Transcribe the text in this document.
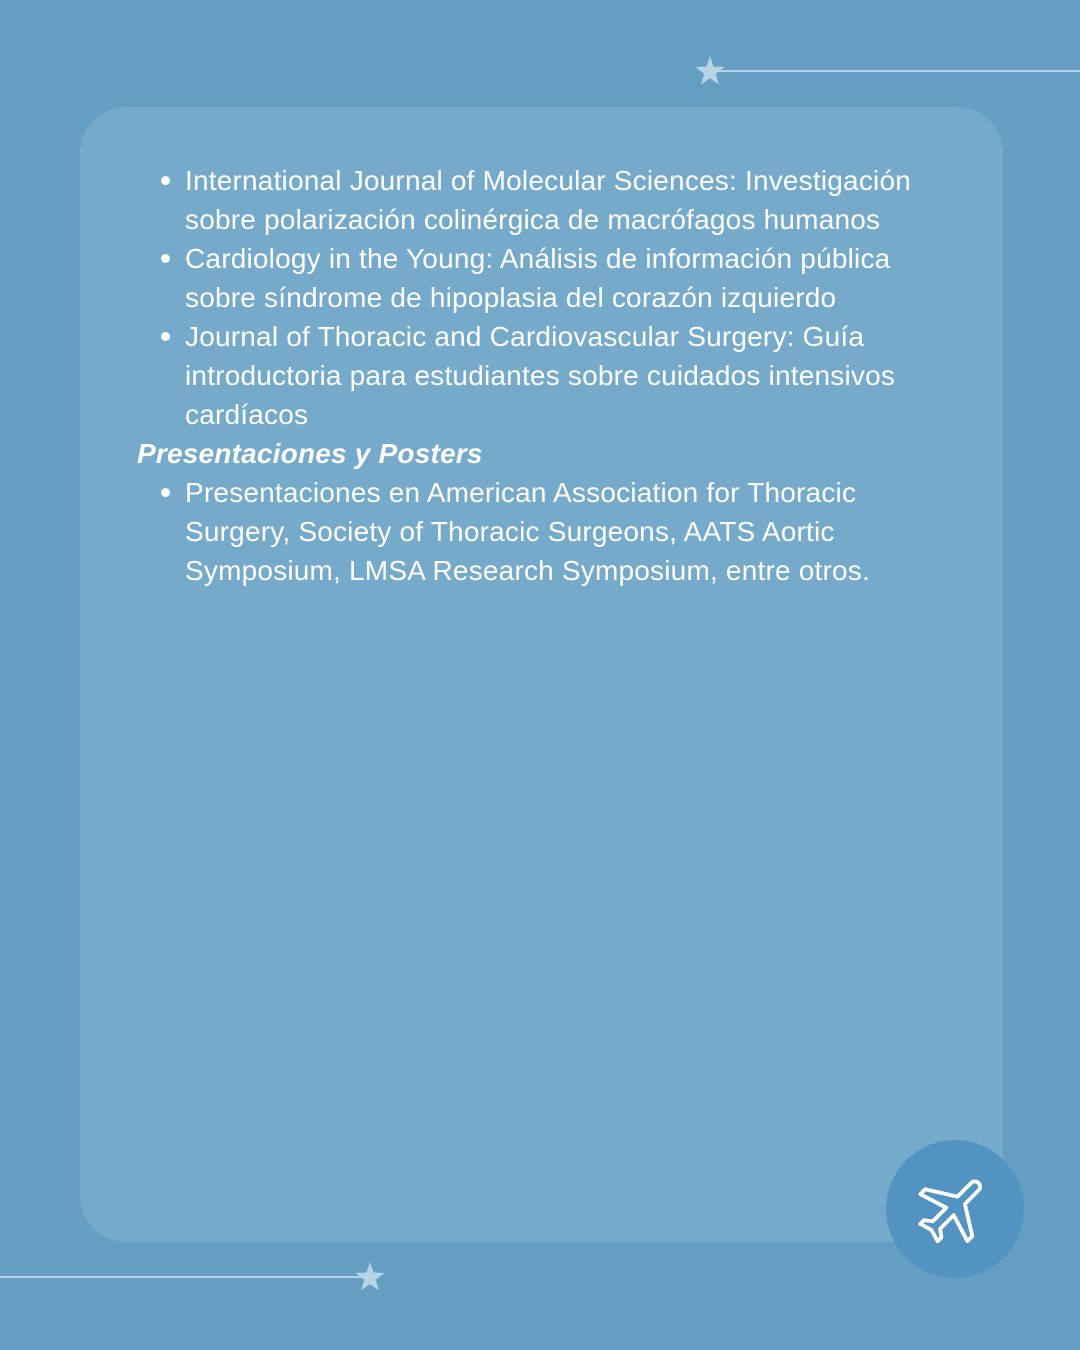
International Journal of Molecular Sciences: Investigación sobre polarización colinérgica de macrófagos humanos
Cardiology in the Young: Análisis de información pública sobre síndrome de hipoplasia del corazón izquierdo
Journal of Thoracic and Cardiovascular Surgery: Guía introductoria para estudiantes sobre cuidados intensivos cardíacos
Presentaciones y Posters
Presentaciones en American Association for Thoracic Surgery, Society of Thoracic Surgeons, AATS Aortic Symposium, LMSA Research Symposium, entre otros.
